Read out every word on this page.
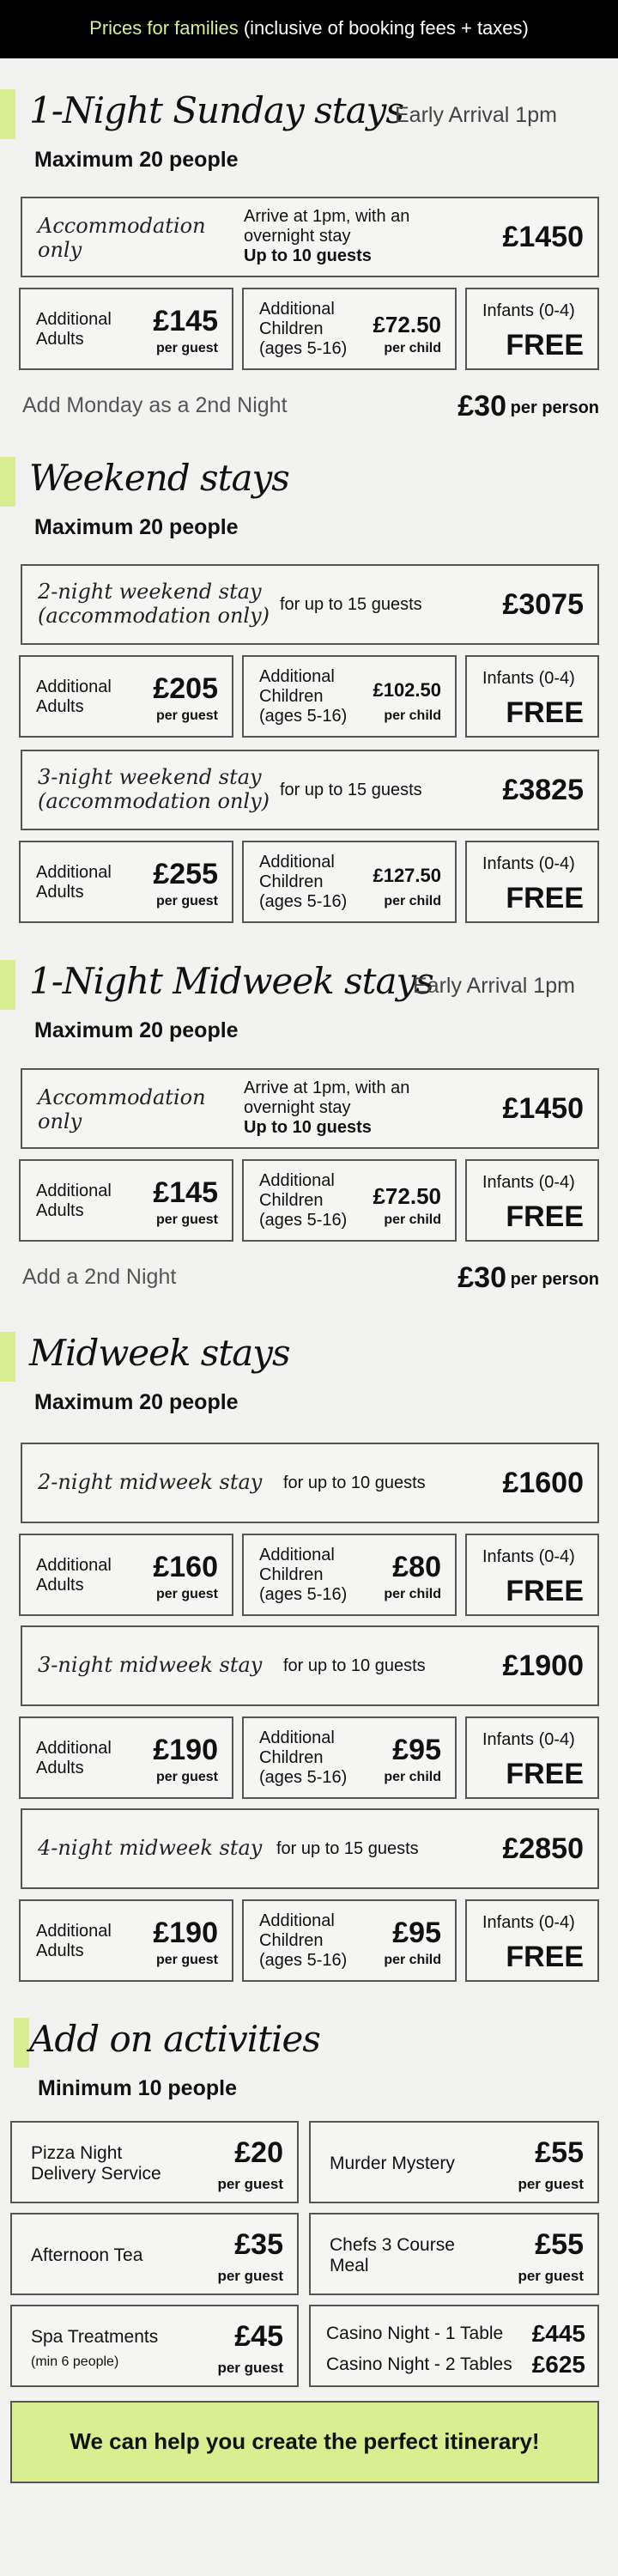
Prices for families (inclusive of booking fees + taxes)
1-Night Sunday stays
Early Arrival 1pm
Maximum 20 people
Accommodation
only
Arrive at 1pm, with an
overnight stay
Up to 10 guests
£1450
Additional
Adults
£145
per guest
Additional
Children
(ages 5-16)
£72.50
per child
Infants (0-4)
FREE
Add Monday as a 2nd Night	£30 per person
Weekend stays
Maximum 20 people
2-night weekend stay
(accommodation only) for up to 15 guests	£3075
Additional
Adults
£205
per guest
Additional
Children
(ages 5-16)
£102.50
per child
Infants (0-4)
FREE
3-night weekend stay
(accommodation only) for up to 15 guests	£3825
Additional
Adults
£255
per guest
Additional
Children
(ages 5-16)
£127.50
per child
Infants (0-4)
FREE
1-Night Midweek stays
Early Arrival 1pm
Maximum 20 people
Accommodation
only
Arrive at 1pm, with an
overnight stay
Up to 10 guests
£1450
Additional
Adults
£145
per guest
Additional
Children
(ages 5-16)
£72.50
per child
Infants (0-4)
FREE
Add a 2nd Night	£30 per person
Midweek stays
Maximum 20 people
2-night midweek stay for up to 10 guests	£1600
Additional
Adults
£160
per guest
Additional
Children
(ages 5-16)
£80
per child
Infants (0-4)
FREE
3-night midweek stay for up to 10 guests	£1900
Additional
Adults
£190
per guest
Additional
Children
(ages 5-16)
£95
per child
Infants (0-4)
FREE
4-night midweek stay for up to 15 guests	£2850
Additional
Adults
£190
per guest
Additional
Children
(ages 5-16)
£95
per child
Infants (0-4)
FREE
Add on activities
Minimum 10 people
Pizza Night
Delivery Service
£20
per guest
Murder Mystery	£55
per guest
Afternoon Tea	£35
per guest
Chefs 3 Course
Meal
£55
per guest
Spa Treatments
(min 6 people)
£45
per guest
Casino Night - 1 Table £445
Casino Night - 2 Tables £625
We can help you create the perfect itinerary!
